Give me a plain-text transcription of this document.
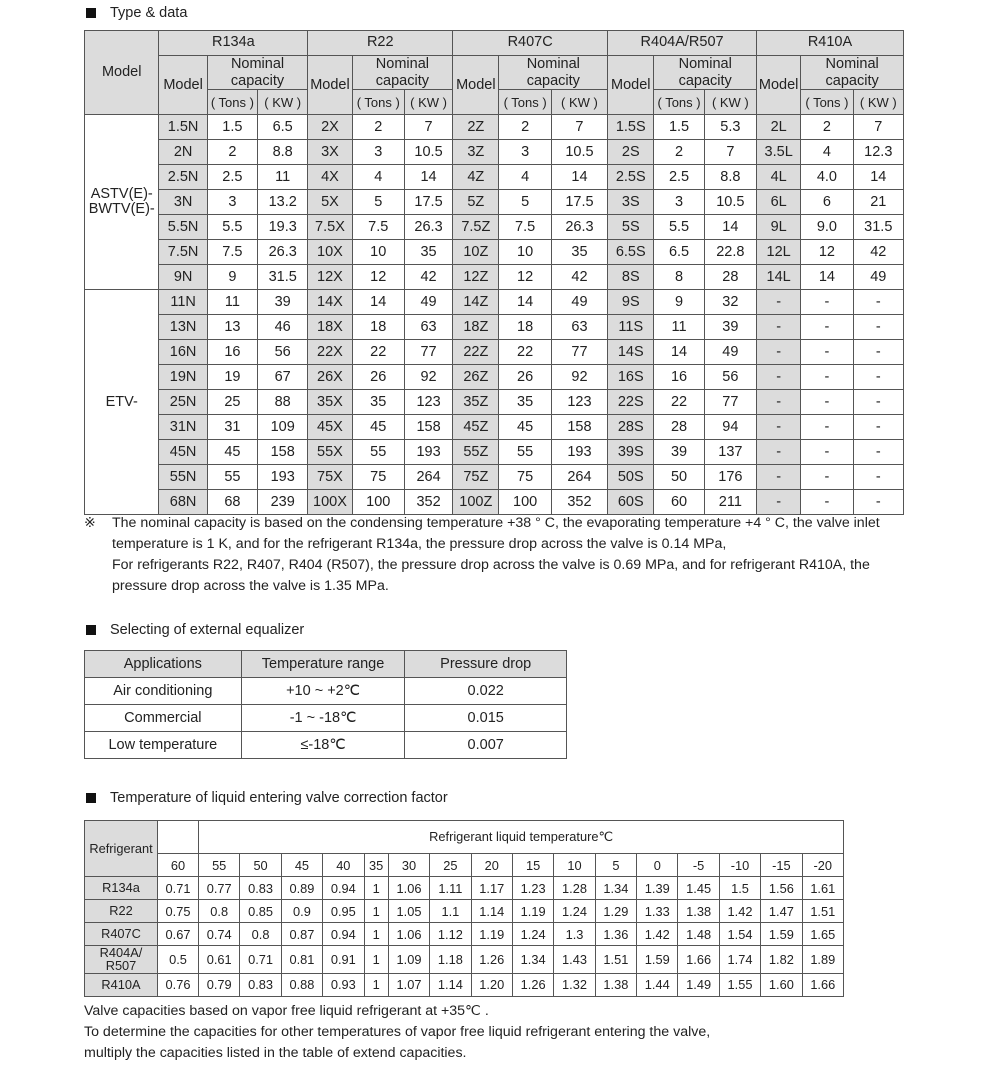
Type & data
Model	R134a			R22			R407C			R404A/R507			R410A		
	Model	Nominal capacity		Model	Nominal capacity		Model	Nominal capacity		Model	Nominal capacity		Model	Nominal capacity	
		( Tons )	( KW )		( Tons )	( KW )		( Tons )	( KW )		( Tons )	( KW )		( Tons )	( KW )
ASTV(E)-
BWTV(E)-	1.5N	1.5	6.5	2X	2	7	2Z	2	7	1.5S	1.5	5.3	2L	2	7
	2N	2	8.8	3X	3	10.5	3Z	3	10.5	2S	2	7	3.5L	4	12.3
	2.5N	2.5	11	4X	4	14	4Z	4	14	2.5S	2.5	8.8	4L	4.0	14
	3N	3	13.2	5X	5	17.5	5Z	5	17.5	3S	3	10.5	6L	6	21
	5.5N	5.5	19.3	7.5X	7.5	26.3	7.5Z	7.5	26.3	5S	5.5	14	9L	9.0	31.5
	7.5N	7.5	26.3	10X	10	35	10Z	10	35	6.5S	6.5	22.8	12L	12	42
	9N	9	31.5	12X	12	42	12Z	12	42	8S	8	28	14L	14	49
ETV-	11N	11	39	14X	14	49	14Z	14	49	9S	9	32	-	-	-
	13N	13	46	18X	18	63	18Z	18	63	11S	11	39	-	-	-
	16N	16	56	22X	22	77	22Z	22	77	14S	14	49	-	-	-
	19N	19	67	26X	26	92	26Z	26	92	16S	16	56	-	-	-
	25N	25	88	35X	35	123	35Z	35	123	22S	22	77	-	-	-
	31N	31	109	45X	45	158	45Z	45	158	28S	28	94	-	-	-
	45N	45	158	55X	55	193	55Z	55	193	39S	39	137	-	-	-
	55N	55	193	75X	75	264	75Z	75	264	50S	50	176	-	-	-
	68N	68	239	100X	100	352	100Z	100	352	60S	60	211	-	-	-
※ The nominal capacity is based on the condensing temperature +38 ° C, the evaporating temperature +4 ° C, the valve inlet
temperature is 1 K, and for the refrigerant R134a, the pressure drop across the valve is 0.14 MPa,
For refrigerants R22, R407, R404 (R507), the pressure drop across the valve is 0.69 MPa, and for refrigerant R410A, the
pressure drop across the valve is 1.35 MPa.
Selecting of external equalizer
Applications	Temperature range	Pressure drop
Air conditioning	+10 ~ +2℃	0.022
Commercial	-1 ~ -18℃	0.015
Low temperature	≤-18℃	0.007
Temperature of liquid entering valve correction factor
Refrigerant		Refrigerant liquid temperature℃															
	60	55	50	45	40	35	30	25	20	15	10	5	0	-5	-10	-15	-20
R134a	0.71	0.77	0.83	0.89	0.94	1	1.06	1.11	1.17	1.23	1.28	1.34	1.39	1.45	1.5	1.56	1.61
R22	0.75	0.8	0.85	0.9	0.95	1	1.05	1.1	1.14	1.19	1.24	1.29	1.33	1.38	1.42	1.47	1.51
R407C	0.67	0.74	0.8	0.87	0.94	1	1.06	1.12	1.19	1.24	1.3	1.36	1.42	1.48	1.54	1.59	1.65
R404A/
R507	0.5	0.61	0.71	0.81	0.91	1	1.09	1.18	1.26	1.34	1.43	1.51	1.59	1.66	1.74	1.82	1.89
R410A	0.76	0.79	0.83	0.88	0.93	1	1.07	1.14	1.20	1.26	1.32	1.38	1.44	1.49	1.55	1.60	1.66
Valve capacities based on vapor free liquid refrigerant at +35℃ .
To determine the capacities for other temperatures of vapor free liquid refrigerant entering the valve,
multiply the capacities listed in the table of extend capacities.
